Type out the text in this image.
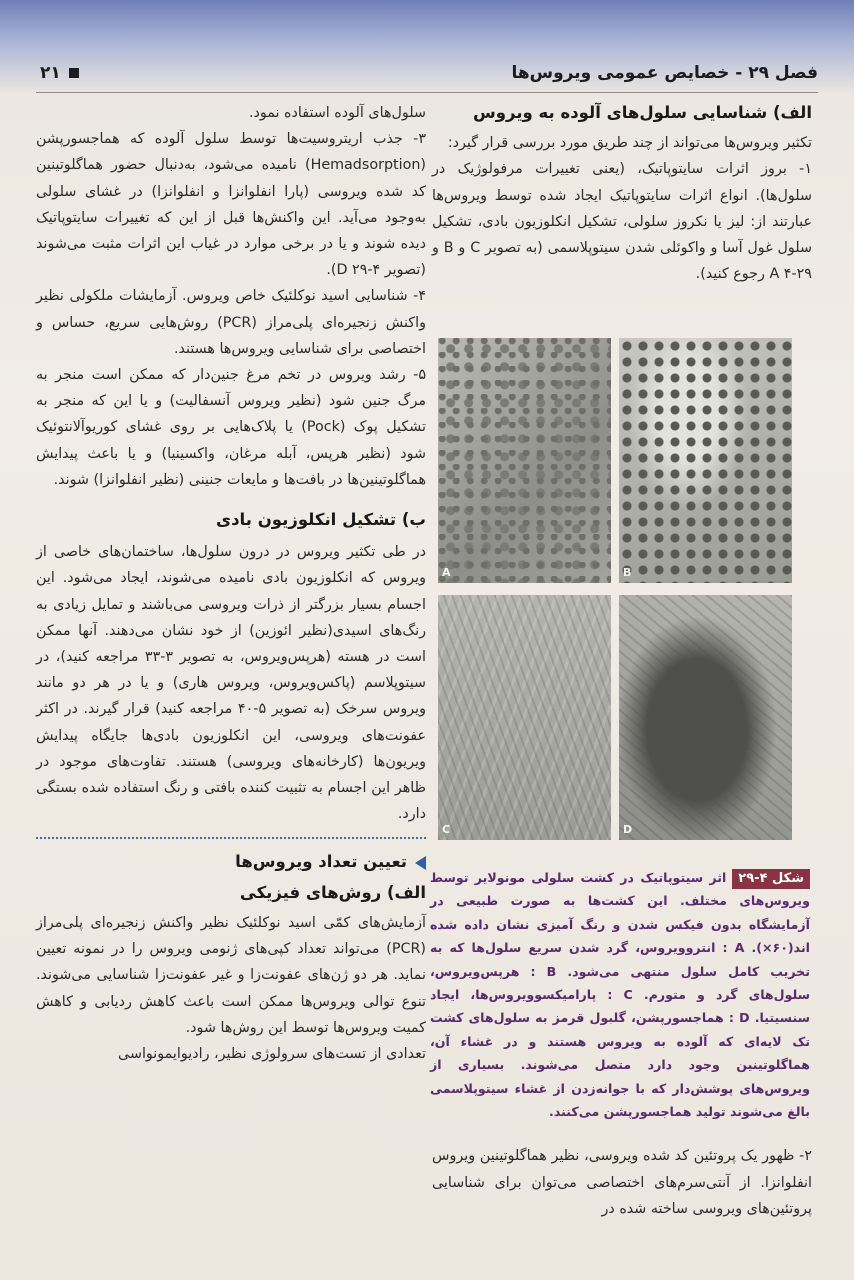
فصل ۲۹ - خصایص عمومی ویروس‌ها
۲۱
الف) شناسایی سلول‌های آلوده به ویروس

تکثیر ویروس‌ها می‌تواند از چند طریق مورد بررسی قرار گیرد:

۱- بروز اثرات سایتوپاتیک، (یعنی تغییرات مرفولوژیک در سلول‌ها). انواع اثرات سایتوپاتیک ایجاد شده توسط ویروس‌ها عبارتند از: لیز یا نکروز سلولی، تشکیل انکلوزیون بادی، تشکیل سلول غول آسا و واکوئلی شدن سیتوپلاسمی (به تصویر C و B و A ۴-۲۹ رجوع کنید).

A	B
C	D
شکل ۴-۲۹اثر سیتوپاتیک در کشت سلولی مونولایر توسط ویروس‌های مختلف. این کشت‌ها به صورت طبیعی در آزمایشگاه بدون فیکس شدن و رنگ آمیزی نشان داده شده اند(۶۰×). A : انتروویروس، گرد شدن سریع سلول‌ها که به تخریب کامل سلول منتهی می‌شود. B : هرپس‌ویروس، سلول‌های گرد و متورم. C : پارامیکسوویروس‌ها، ایجاد سنسیتیا. D : هماجسورپشن، گلبول قرمز به سلول‌های کشت تک لایه‌ای که آلوده به ویروس هستند و در غشاء آن، هماگلوتینین وجود دارد متصل می‌شوند. بسیاری از ویروس‌های پوشش‌دار که با جوانه‌زدن از غشاء سیتوپلاسمی بالغ می‌شوند تولید هماجسورپشن می‌کنند.

۲- ظهور یک پروتئین کد شده ویروسی، نظیر هماگلوتینین ویروس انفلوانزا. از آنتی‌سرم‌های اختصاصی می‌توان برای شناسایی پروتئین‌های ویروسی ساخته شده در

سلول‌های آلوده استفاده نمود.

۳- جذب اریتروسیت‌ها توسط سلول آلوده که هماجسورپشن (Hemadsorption) نامیده می‌شود، به‌دنبال حضور هماگلوتینین کد شده ویروسی (پارا انفلوانزا و انفلوانزا) در غشای سلولی به‌وجود می‌آید. این واکنش‌ها قبل از این که تغییرات سایتوپاتیک دیده شوند و یا در برخی موارد در غیاب این اثرات مثبت می‌شوند (تصویر D ۲۹-۴).

۴- شناسایی اسید نوکلئیک خاص ویروس. آزمایشات ملکولی نظیر واکنش زنجیره‌ای پلی‌مراز (PCR) روش‌هایی سریع، حساس و اختصاصی برای شناسایی ویروس‌ها هستند.

۵- رشد ویروس در تخم مرغ جنین‌دار که ممکن است منجر به مرگ جنین شود (نظیر ویروس آنسفالیت) و یا این که منجر به تشکیل پوک (Pock) یا پلاک‌هایی بر روی غشای کوریوآلانتوئیک شود (نظیر هرپس، آبله مرغان، واکسینیا) و یا باعث پیدایش هماگلوتینین‌ها در بافت‌ها و مایعات جنینی (نظیر انفلوانزا) شوند.

ب) تشکیل انکلوزیون بادی

در طی تکثیر ویروس در درون سلول‌ها، ساختمان‌های خاصی از ویروس که انکلوزیون بادی نامیده می‌شوند، ایجاد می‌شود. این اجسام بسیار بزرگتر از ذرات ویروسی می‌باشند و تمایل زیادی به رنگ‌های اسیدی(نظیر ائوزین) از خود نشان می‌دهند. آنها ممکن است در هسته (هرپس‌ویروس، به تصویر ۳-۳۳ مراجعه کنید)، در سیتوپلاسم (پاکس‌ویروس، ویروس هاری) و یا در هر دو مانند ویروس سرخک (به تصویر ۵-۴۰ مراجعه کنید) قرار گیرند. در اکثر عفونت‌های ویروسی، این انکلوزیون بادی‌ها جایگاه پیدایش ویریون‌ها (کارخانه‌های ویروسی) هستند. تفاوت‌های موجود در ظاهر این اجسام به تثبیت کننده بافتی و رنگ استفاده شده بستگی دارد.

تعیین تعداد ویروس‌ها
الف) روش‌های فیزیکی

آزمایش‌های کمّی اسید نوکلئیک نظیر واکنش زنجیره‌ای پلی‌مراز (PCR) می‌تواند تعداد کپی‌های ژنومی ویروس را در نمونه تعیین نماید. هر دو ژن‌های عفونت‌زا و غیر عفونت‌زا شناسایی می‌شوند. تنوع توالی ویروس‌ها ممکن است باعث کاهش ردیابی و کاهش کمیت ویروس‌ها توسط این روش‌ها شود.

تعدادی از تست‌های سرولوژی نظیر، رادیوایمونواسی
